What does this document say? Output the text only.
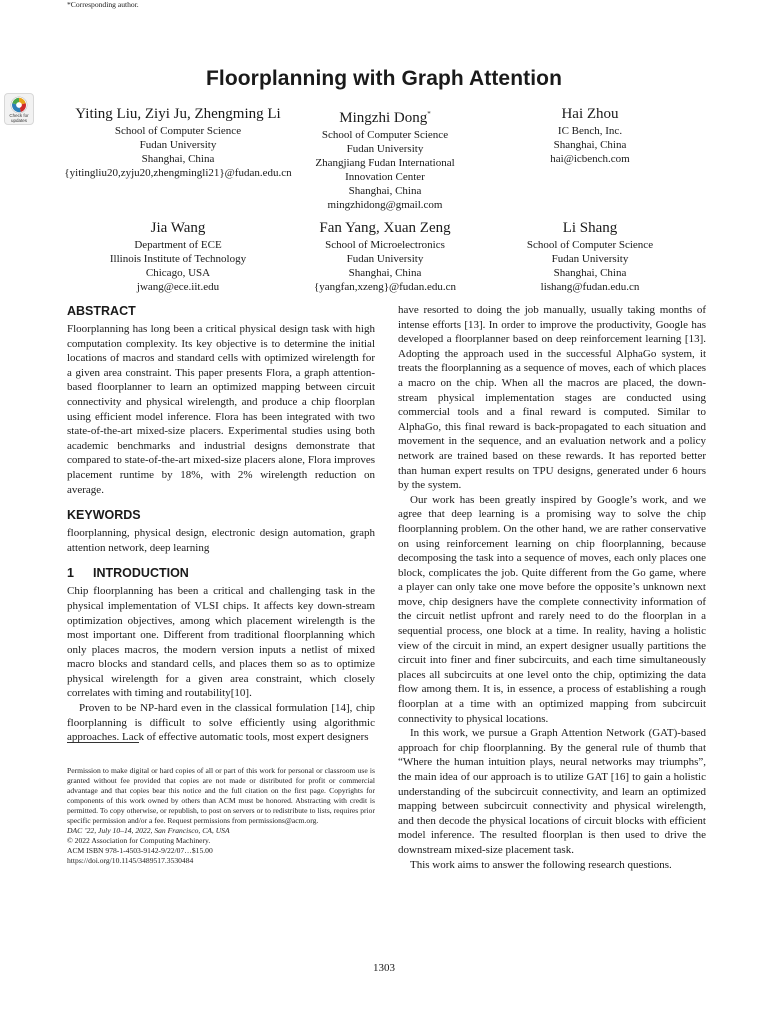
Check for
updates
Floorplanning with Graph Attention
Yiting Liu, Ziyi Ju, Zhengming Li
School of Computer Science
Fudan University
Shanghai, China
{yitingliu20,zyju20,zhengmingli21}@fudan.edu.cn
Mingzhi Dong*
School of Computer Science
Fudan University
Zhangjiang Fudan International Innovation Center
Shanghai, China
mingzhidong@gmail.com
Hai Zhou
IC Bench, Inc.
Shanghai, China
hai@icbench.com
Jia Wang
Department of ECE
Illinois Institute of Technology
Chicago, USA
jwang@ece.iit.edu
Fan Yang, Xuan Zeng
School of Microelectronics
Fudan University
Shanghai, China
{yangfan,xzeng}@fudan.edu.cn
Li Shang
School of Computer Science
Fudan University
Shanghai, China
lishang@fudan.edu.cn
ABSTRACT

Floorplanning has long been a critical physical design task with high computation complexity. Its key objective is to determine the initial locations of macros and standard cells with optimized wirelength for a given area constraint. This paper presents Flora, a graph attention-based floorplanner to learn an optimized mapping between circuit connectivity and physical wirelength, and produce a chip floorplan using efficient model inference. Flora has been integrated with two state-of-the-art mixed-size placers. Experimental studies using both academic benchmarks and industrial designs demonstrate that compared to state-of-the-art mixed-size placers alone, Flora improves placement runtime by 18%, with 2% wirelength reduction on average.

KEYWORDS

floorplanning, physical design, electronic design automation, graph attention network, deep learning

1 INTRODUCTION

Chip floorplanning has been a critical and challenging task in the physical implementation of VLSI chips. It affects key down-stream optimization objectives, among which placement wirelength is the most important one. Different from traditional floorplanning which only places macros, the modern version inputs a netlist of mixed macro blocks and standard cells, and places them so as to optimize physical wirelength for a given area constraint, which closely correlates with timing and routability[10].

Proven to be NP-hard even in the classical formulation [14], chip floorplanning is difficult to solve efficiently using algorithmic approaches. Lack of effective automatic tools, most expert designers

*Corresponding author.

Permission to make digital or hard copies of all or part of this work for personal or classroom use is granted without fee provided that copies are not made or distributed for profit or commercial advantage and that copies bear this notice and the full citation on the first page. Copyrights for components of this work owned by others than ACM must be honored. Abstracting with credit is permitted. To copy otherwise, or republish, to post on servers or to redistribute to lists, requires prior specific permission and/or a fee. Request permissions from permissions@acm.org.

DAC ’22, July 10–14, 2022, San Francisco, CA, USA

© 2022 Association for Computing Machinery.

ACM ISBN 978-1-4503-9142-9/22/07…$15.00

https://doi.org/10.1145/3489517.3530484

have resorted to doing the job manually, usually taking months of intense efforts [13]. In order to improve the productivity, Google has developed a floorplanner based on deep reinforcement learning [13]. Adopting the approach used in the successful AlphaGo system, it treats the floorplanning as a sequence of moves, each of which places a macro on the chip. When all the macros are placed, the down-stream physical implementation stages are conducted using commercial tools and a final reward is computed. Similar to AlphaGo, this final reward is back-propagated to each situation and movement in the sequence, and an evaluation network and a policy network are trained based on these rewards. It has reported better than human expert results on TPU designs, generated under 6 hours by the system.

Our work has been greatly inspired by Google’s work, and we agree that deep learning is a promising way to solve the chip floorplanning problem. On the other hand, we are rather conservative on using reinforcement learning on chip floorplanning, because decomposing the task into a sequence of moves, each only places one block, complicates the job. Quite different from the Go game, where a player can only take one move before the opposite’s unknown next move, chip designers have the complete connectivity information of the circuit netlist upfront and rarely need to do the floorplan in a sequential process, one block at a time. In reality, having a holistic view of the circuit in mind, an expert designer usually partitions the circuit into finer and finer subcircuits, and each time simultaneously places all subcircuits at one level onto the chip, optimizing the data flow among them. It is, in essence, a process of establishing a rough floorplan at a time with an optimized mapping from subcircuit connectivity to physical locations.

In this work, we pursue a Graph Attention Network (GAT)-based approach for chip floorplanning. By the general rule of thumb that “Where the human intuition plays, neural networks may triumphs”, the main idea of our approach is to utilize GAT [16] to gain a holistic understanding of the subcircuit connectivity, and learn an optimized mapping between subcircuit connectivity and physical wirelength, and then decode the physical locations of circuit blocks with efficient model inference. The resulted floorplan is then used to drive the downstream mixed-size placement task.

This work aims to answer the following research questions.

1303
